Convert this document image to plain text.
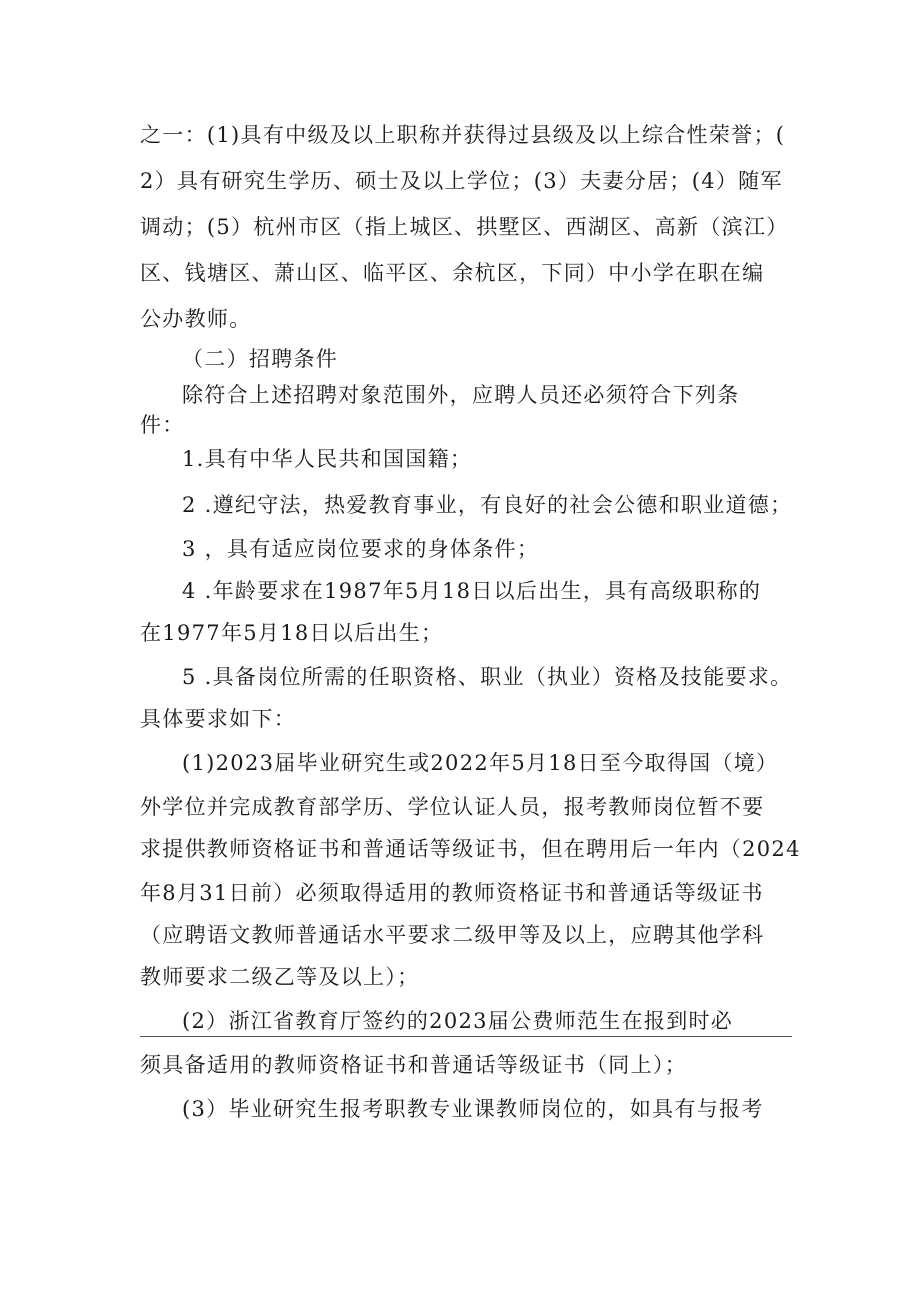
之一：(1)具有中级及以上职称并获得过县级及以上综合性荣誉；(

2）具有研究生学历、硕士及以上学位；(3）夫妻分居；(4）随军

调动；(5）杭州市区（指上城区、拱墅区、西湖区、高新（滨江）

区、钱塘区、萧山区、临平区、余杭区，下同）中小学在职在编

公办教师。

（二）招聘条件

除符合上述招聘对象范围外，应聘人员还必须符合下列条

件：

1.具有中华人民共和国国籍；

2 .遵纪守法，热爱教育事业，有良好的社会公德和职业道德；

3 ，具有适应岗位要求的身体条件；

4 .年龄要求在1987年5月18日以后出生，具有高级职称的

在1977年5月18日以后出生；

5 .具备岗位所需的任职资格、职业（执业）资格及技能要求。

具体要求如下：

(1)2023届毕业研究生或2022年5月18日至今取得国（境）

外学位并完成教育部学历、学位认证人员，报考教师岗位暂不要

求提供教师资格证书和普通话等级证书，但在聘用后一年内（2024

年8月31日前）必须取得适用的教师资格证书和普通话等级证书

（应聘语文教师普通话水平要求二级甲等及以上，应聘其他学科

教师要求二级乙等及以上）；

(2）浙江省教育厅签约的2023届公费师范生在报到时必

须具备适用的教师资格证书和普通话等级证书（同上）；

(3）毕业研究生报考职教专业课教师岗位的，如具有与报考
